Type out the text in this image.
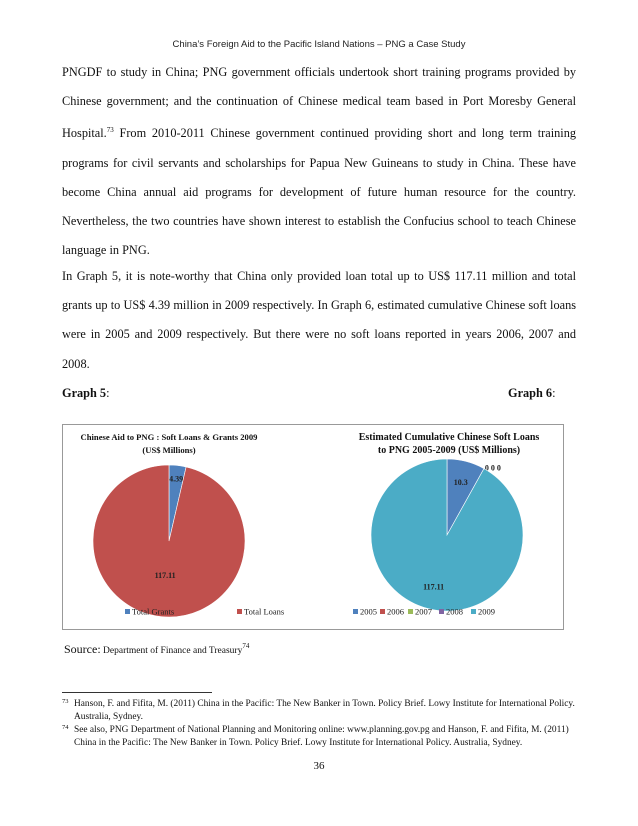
China’s Foreign Aid to the Pacific Island Nations – PNG a Case Study

PNGDF to study in China; PNG government officials undertook short training programs provided by Chinese government; and the continuation of Chinese medical team based in Port Moresby General Hospital.$^{73}$ From 2010-2011 Chinese government continued providing short and long term training programs for civil servants and scholarships for Papua New Guineans to study in China. These have become China annual aid programs for development of future human resource for the country. Nevertheless, the two countries have shown interest to establish the Confucius school to teach Chinese language in PNG.

In Graph 5, it is note-worthy that China only provided loan total up to US$ 117.11 million and total grants up to US$ 4.39 million in 2009 respectively. In Graph 6, estimated cumulative Chinese soft loans were in 2005 and 2009 respectively. But there were no soft loans reported in years 2006, 2007 and 2008.

Graph 5:	Graph 6:
Chinese Aid to PNG : Soft Loans & Grants 2009
(US$ Millions)
4.39
117.11
Total Grants	Total Loans
Estimated Cumulative Chinese Soft Loans
to PNG 2005-2009 (US$ Millions)
10.3
0 0 0
117.11
2005 2006 2007 2008 2009
Source: Department of Finance and Treasury$^{74}$
73 Hanson, F. and Fifita, M. (2011) China in the Pacific: The New Banker in Town. Policy Brief. Lowy Institute for International Policy. Australia, Sydney.
74 See also, PNG Department of National Planning and Monitoring online: www.planning.gov.pg and Hanson, F. and Fifita, M. (2011) China in the Pacific: The New Banker in Town. Policy Brief. Lowy Institute for International Policy. Australia, Sydney.
36
